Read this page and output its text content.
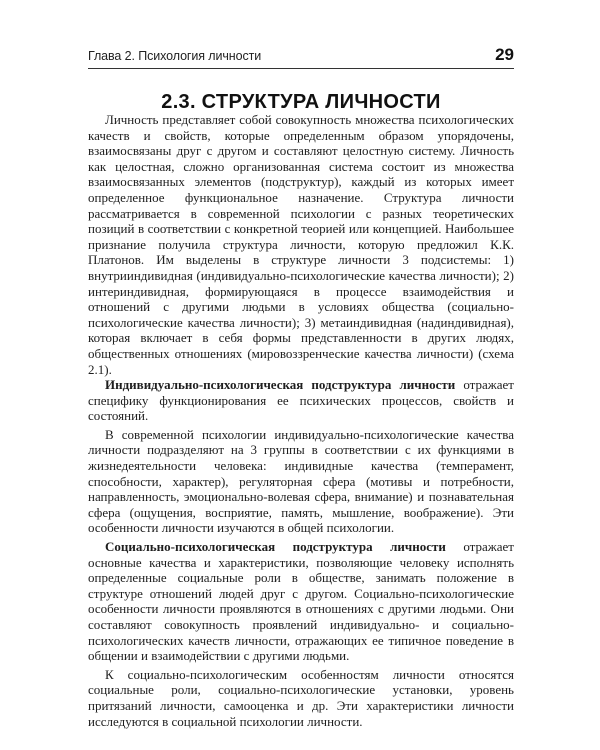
Глава 2. Психология личности	29
2.3. СТРУКТУРА ЛИЧНОСТИ

Личность представляет собой совокупность множества психологических качеств и свойств, которые определенным образом упорядочены, взаимосвязаны друг с другом и составляют целостную систему. Личность как целостная, сложно организованная система состоит из множества взаимосвязанных элементов (подструктур), каждый из которых имеет определенное функциональное назначение. Структура личности рассматривается в современной психологии с разных теоретических позиций в соответствии с конкретной теорией или концепцией. Наибольшее признание получила структура личности, которую предложил К.К. Платонов. Им выделены в структуре личности 3 подсистемы: 1) внутрииндивидная (индивидуально-психологические качества личности); 2) интериндивидная, формирующаяся в процессе взаимодействия и отношений с другими людьми в условиях общества (социально-психологические качества личности); 3) метаиндивидная (надиндивидная), которая включает в себя формы представленности в других людях, общественных отношениях (мировоззренческие качества личности) (схема 2.1).

Индивидуально-психологическая подструктура личности отражает специфику функционирования ее психических процессов, свойств и состояний.

В современной психологии индивидуально-психологические качества личности подразделяют на 3 группы в соответствии с их функциями в жизнедеятельности человека: индивидные качества (темперамент, способности, характер), регуляторная сфера (мотивы и потребности, направленность, эмоционально-волевая сфера, внимание) и познавательная сфера (ощущения, восприятие, память, мышление, воображение). Эти особенности личности изучаются в общей психологии.

Социально-психологическая подструктура личности отражает основные качества и характеристики, позволяющие человеку исполнять определенные социальные роли в обществе, занимать положение в структуре отношений людей друг с другом. Социально-психологические особенности личности проявляются в отношениях с другими людьми. Они составляют совокупность проявлений индивидуально- и социально-психологических качеств личности, отражающих ее типичное поведение в общении и взаимодействии с другими людьми.

К социально-психологическим особенностям личности относятся социальные роли, социально-психологические установки, уровень притязаний личности, самооценка и др. Эти характеристики личности исследуются в социальной психологии личности.
